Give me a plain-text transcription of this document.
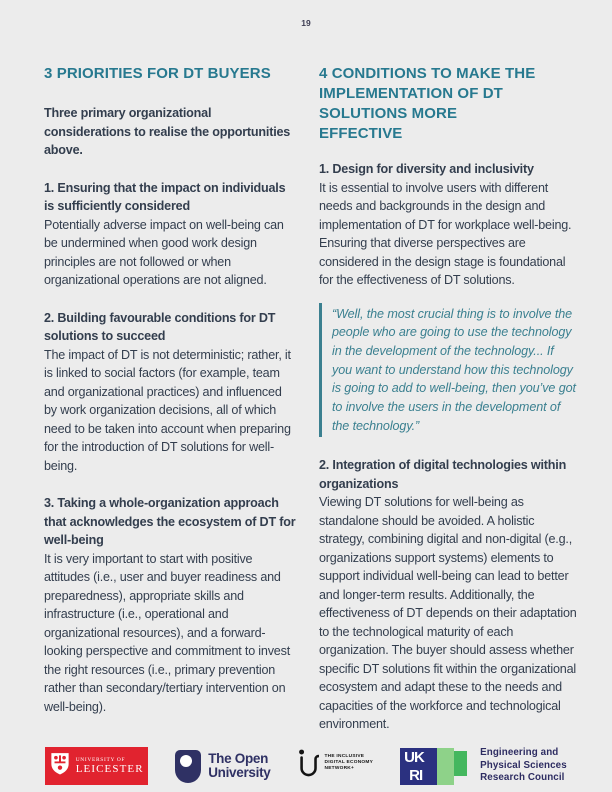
19
3 PRIORITIES FOR DT BUYERS
Three primary organizational considerations to realise the opportunities above.
1. Ensuring that the impact on individuals is sufficiently considered
Potentially adverse impact on well-being can be undermined when good work design principles are not followed or when organizational operations are not aligned.
2. Building favourable conditions for DT solutions to succeed
The impact of DT is not deterministic; rather, it is linked to social factors (for example, team and organizational practices) and influenced by work organization decisions, all of which need to be taken into account when preparing for the introduction of DT solutions for well-being.
3. Taking a whole-organization approach that acknowledges the ecosystem of DT for well-being
It is very important to start with positive attitudes (i.e., user and buyer readiness and preparedness), appropriate skills and infrastructure (i.e., operational and organizational resources), and a forward-looking perspective and commitment to invest the right resources (i.e., primary prevention rather than secondary/tertiary intervention on well-being).
4 CONDITIONS TO MAKE THE IMPLEMENTATION OF DT SOLUTIONS MORE EFFECTIVE
1. Design for diversity and inclusivity
It is essential to involve users with different needs and backgrounds in the design and implementation of DT for workplace well-being. Ensuring that diverse perspectives are considered in the design stage is foundational for the effectiveness of DT solutions.
“Well, the most crucial thing is to involve the people who are going to use the technology in the development of the technology... If you want to understand how this technology is going to add to well-being, then you’ve got to involve the users in the development of the technology.”
2. Integration of digital technologies within organizations
Viewing DT solutions for well-being as standalone should be avoided. A holistic strategy, combining digital and non-digital (e.g., organizations support systems) elements to support individual well-being can lead to better and longer-term results. Additionally, the effectiveness of DT depends on their adaptation to the technological maturity of each organization. The buyer should assess whether specific DT solutions fit within the organizational ecosystem and adapt these to the needs and capacities of the workforce and technological environment.
UNIVERSITY OF
LEICESTER
The Open
University
THE INCLUSIVE
DIGITAL ECONOMY
NETWORK+
UK
RI
Engineering and
Physical Sciences
Research Council
